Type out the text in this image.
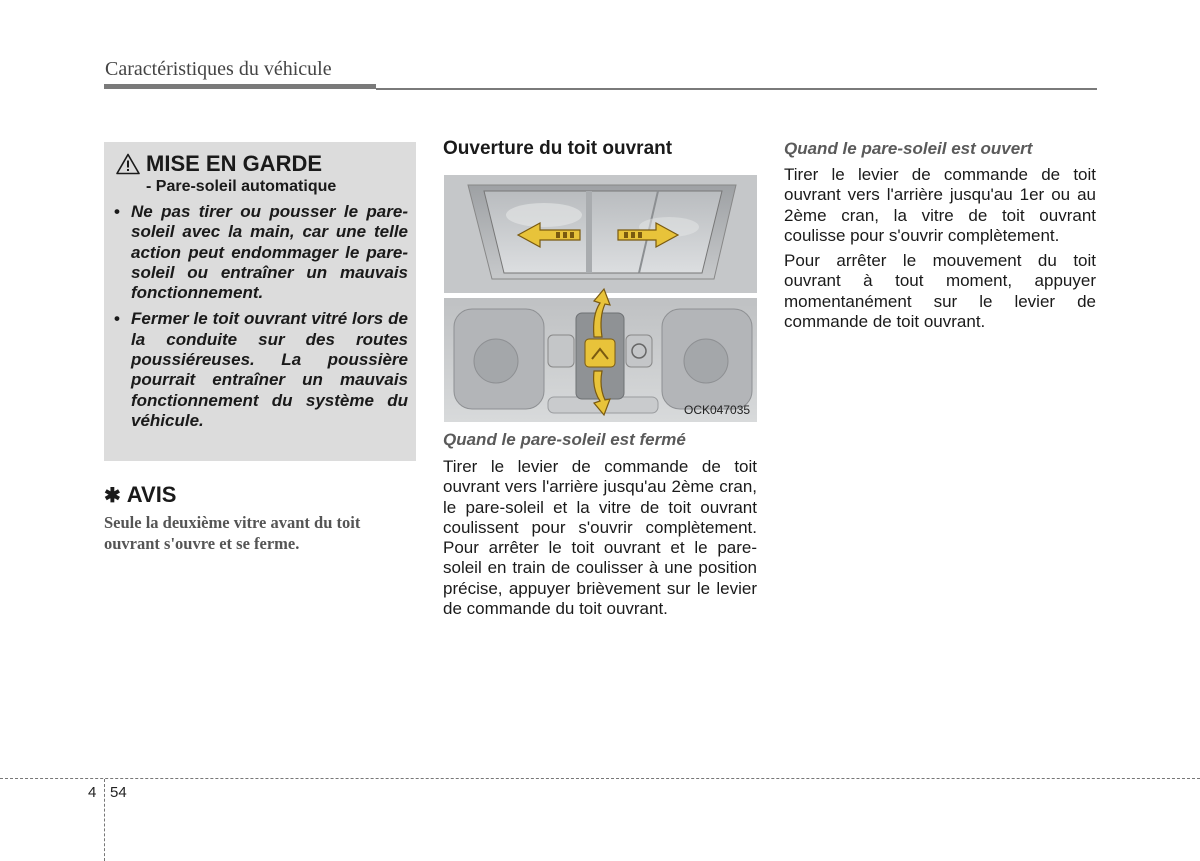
Caractéristiques du véhicule
MISE EN GARDE
- Pare-soleil automatique
• Ne pas tirer ou pousser le pare-soleil avec la main, car une telle action peut endommager le pare-soleil ou entraîner un mauvais fonctionnement.
• Fermer le toit ouvrant vitré lors de la conduite sur des routes poussiéreuses. La poussière pourrait entraîner un mauvais fonctionnement du système du véhicule.
✱ AVIS
Seule la deuxième vitre avant du toit ouvrant s'ouvre et se ferme.
Ouverture du toit ouvrant
OCK047035
Quand le pare-soleil est fermé

Tirer le levier de commande de toit ouvrant vers l'arrière jusqu'au 2ème cran, le pare-soleil et la vitre de toit ouvrant coulissent pour s'ouvrir complètement. Pour arrêter le toit ouvrant et le pare-soleil en train de coulisser à une position précise, appuyer brièvement sur le levier de commande du toit ouvrant.

Quand le pare-soleil est ouvert

Tirer le levier de commande de toit ouvrant vers l'arrière jusqu'au 1er ou au 2ème cran, la vitre de toit ouvrant coulisse pour s'ouvrir complètement.

Pour arrêter le mouvement du toit ouvrant à tout moment, appuyer momentanément sur le levier de commande de toit ouvrant.

4 54
